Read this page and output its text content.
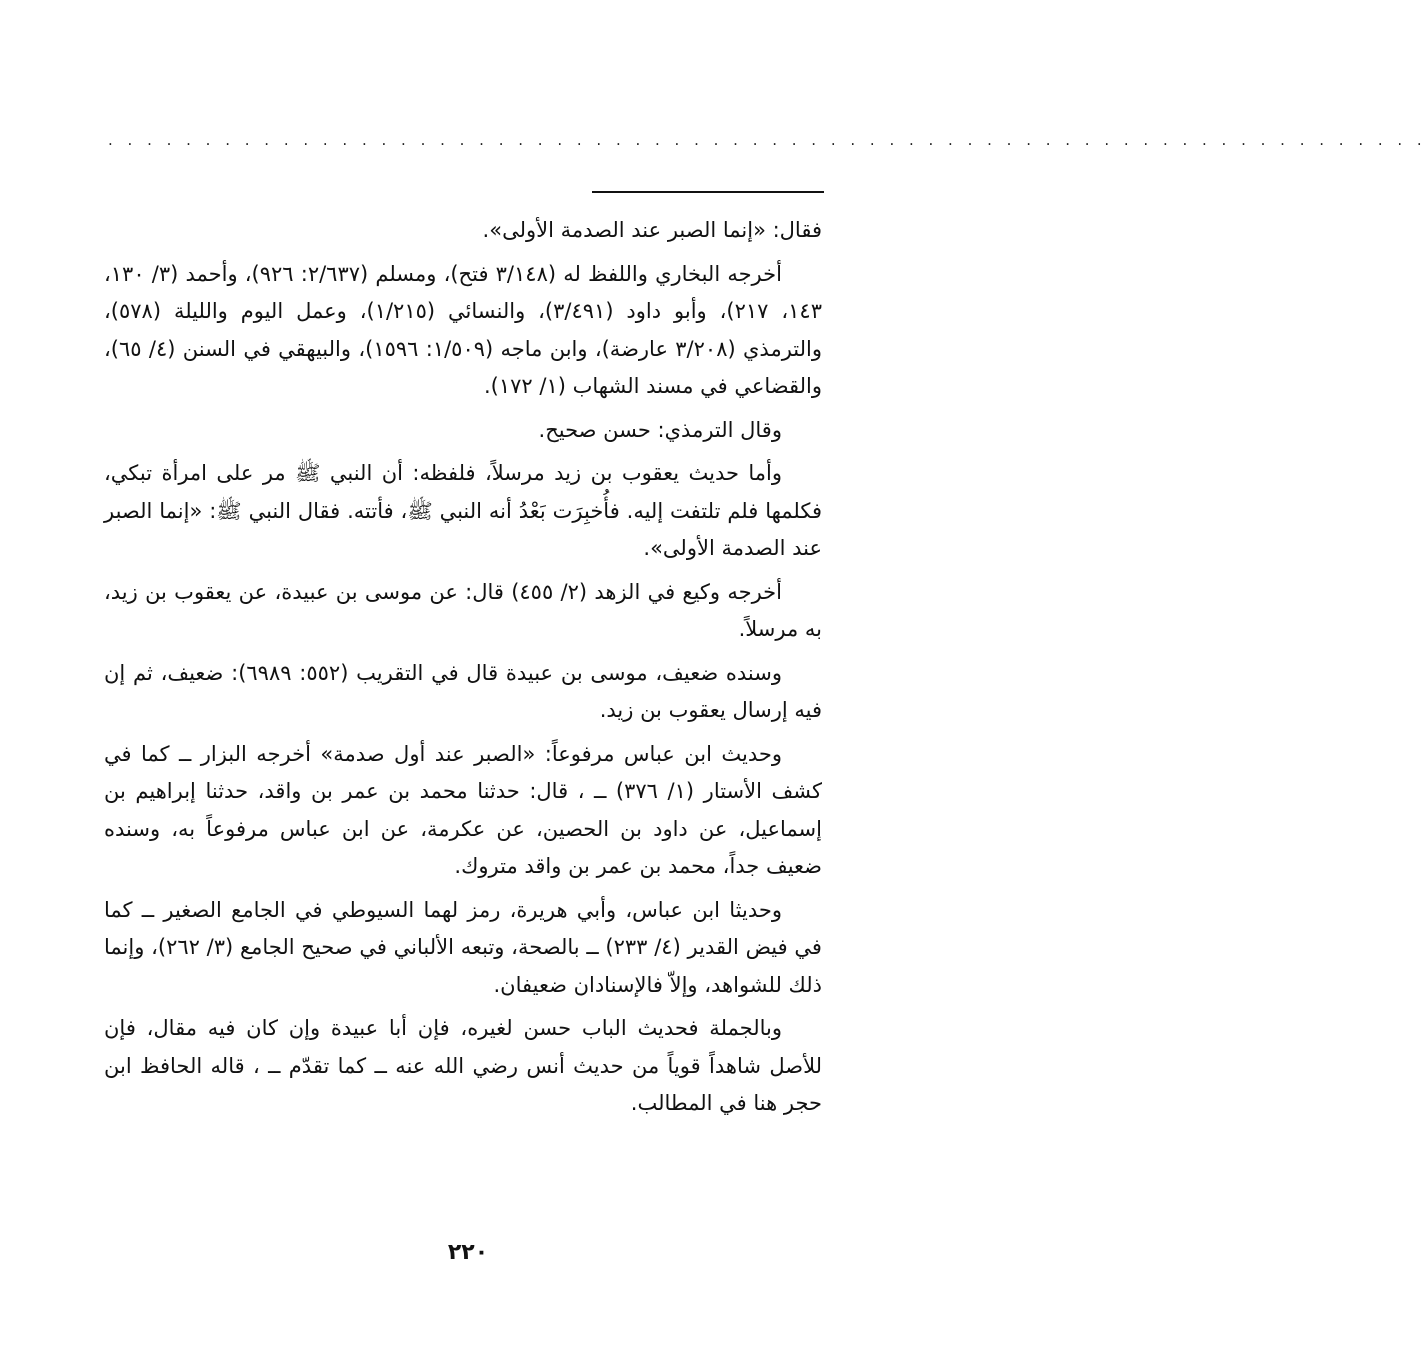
. . . . . . . . . . . . . . . . . . . . . . . . . . . . . . . . . . . . . . . . . . . . . . . . . . . . . . . . . . . . . . . . . . . .

فقال: «إنما الصبر عند الصدمة الأولى».

أخرجه البخاري واللفظ له (٣/١٤٨ فتح)، ومسلم (٢/٦٣٧: ٩٢٦)، وأحمد (٣/ ١٣٠، ١٤٣، ٢١٧)، وأبو داود (٣/٤٩١)، والنسائي (١/٢١٥)، وعمل اليوم والليلة (٥٧٨)، والترمذي (٣/٢٠٨ عارضة)، وابن ماجه (١/٥٠٩: ١٥٩٦)، والبيهقي في السنن (٤/ ٦٥)، والقضاعي في مسند الشهاب (١/ ١٧٢).

وقال الترمذي: حسن صحيح.

وأما حديث يعقوب بن زيد مرسلاً، فلفظه: أن النبي ﷺ مر على امرأة تبكي، فكلمها فلم تلتفت إليه. فأُخبِرَت بَعْدُ أنه النبي ﷺ، فأتته. فقال النبي ﷺ: «إنما الصبر عند الصدمة الأولى».

أخرجه وكيع في الزهد (٢/ ٤٥٥) قال: عن موسى بن عبيدة، عن يعقوب بن زيد، به مرسلاً.

وسنده ضعيف، موسى بن عبيدة قال في التقريب (٥٥٢: ٦٩٨٩): ضعيف، ثم إن فيه إرسال يعقوب بن زيد.

وحديث ابن عباس مرفوعاً: «الصبر عند أول صدمة» أخرجه البزار ــ كما في كشف الأستار (١/ ٣٧٦) ــ ، قال: حدثنا محمد بن عمر بن واقد، حدثنا إبراهيم بن إسماعيل، عن داود بن الحصين، عن عكرمة، عن ابن عباس مرفوعاً به، وسنده ضعيف جداً، محمد بن عمر بن واقد متروك.

وحديثا ابن عباس، وأبي هريرة، رمز لهما السيوطي في الجامع الصغير ــ كما في فيض القدير (٤/ ٢٣٣) ــ بالصحة، وتبعه الألباني في صحيح الجامع (٣/ ٢٦٢)، وإنما ذلك للشواهد، وإلاّ فالإسنادان ضعيفان.

وبالجملة فحديث الباب حسن لغيره، فإن أبا عبيدة وإن كان فيه مقال، فإن للأصل شاهداً قوياً من حديث أنس رضي الله عنه ــ كما تقدّم ــ ، قاله الحافظ ابن حجر هنا في المطالب.

٢٢٠
